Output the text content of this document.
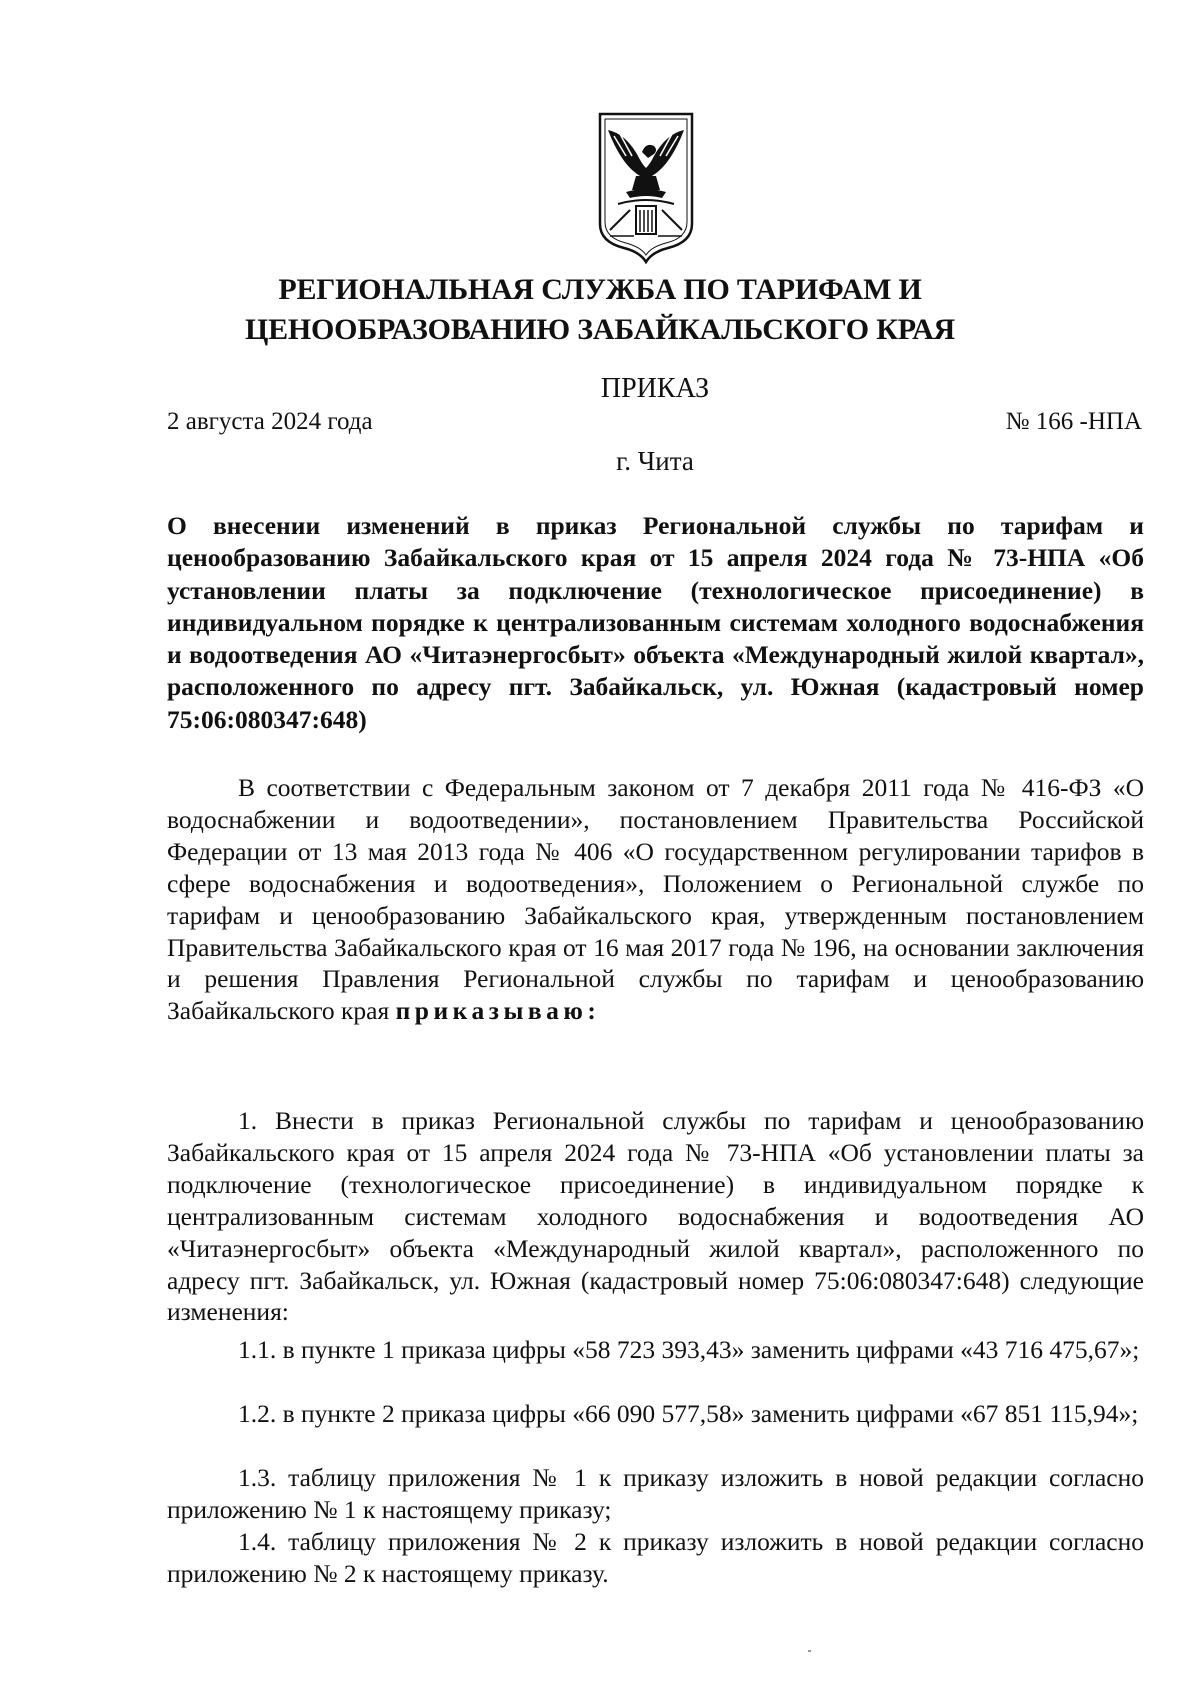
РЕГИОНАЛЬНАЯ СЛУЖБА ПО ТАРИФАМ И
ЦЕНООБРАЗОВАНИЮ ЗАБАЙКАЛЬСКОГО КРАЯ
ПРИКАЗ
2 августа 2024 года	№ 166 -НПА
г. Чита
О внесении изменений в приказ Региональной службы по тарифам и ценообразованию Забайкальского края от 15 апреля 2024 года № 73-НПА «Об установлении платы за подключение (технологическое присоединение) в индивидуальном порядке к централизованным системам холодного водоснабжения и водоотведения АО «Читаэнергосбыт» объекта «Международный жилой квартал», расположенного по адресу пгт. Забайкальск, ул. Южная (кадастровый номер 75:06:080347:648)
В соответствии с Федеральным законом от 7 декабря 2011 года № 416-ФЗ «О водоснабжении и водоотведении», постановлением Правительства Российской Федерации от 13 мая 2013 года № 406 «О государственном регулировании тарифов в сфере водоснабжения и водоотведения», Положением о Региональной службе по тарифам и ценообразованию Забайкальского края, утвержденным постановлением Правительства Забайкальского края от 16 мая 2017 года № 196, на основании заключения и решения Правления Региональной службы по тарифам и ценообразованию Забайкальского края приказываю:
1. Внести в приказ Региональной службы по тарифам и ценообразованию Забайкальского края от 15 апреля 2024 года № 73-НПА «Об установлении платы за подключение (технологическое присоединение) в индивидуальном порядке к централизованным системам холодного водоснабжения и водоотведения АО «Читаэнергосбыт» объекта «Международный жилой квартал», расположенного по адресу пгт. Забайкальск, ул. Южная (кадастровый номер 75:06:080347:648) следующие изменения:
1.1. в пункте 1 приказа цифры «58 723 393,43» заменить цифрами «43 716 475,67»;
1.2. в пункте 2 приказа цифры «66 090 577,58» заменить цифрами «67 851 115,94»;
1.3. таблицу приложения № 1 к приказу изложить в новой редакции согласно приложению № 1 к настоящему приказу;
1.4. таблицу приложения № 2 к приказу изложить в новой редакции согласно приложению № 2 к настоящему приказу.
